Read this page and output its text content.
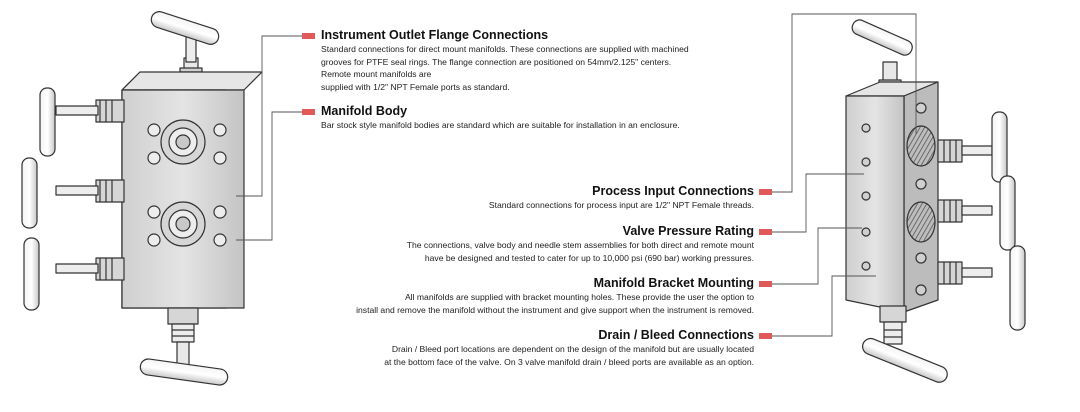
Instrument Outlet Flange Connections
Standard connections for direct mount manifolds. These connections are supplied with machined
grooves for PTFE seal rings. The flange connection are positioned on 54mm/2.125" centers.
Remote mount manifolds are
supplied with 1/2" NPT Female ports as standard.
Manifold Body
Bar stock style manifold bodies are standard which are suitable for installation in an enclosure.
Process Input Connections
Standard connections for process input are 1/2" NPT Female threads.
Valve Pressure Rating
The connections, valve body and needle stem assemblies for both direct and remote mount
have be designed and tested to cater for up to 10,000 psi (690 bar) working pressures.
Manifold Bracket Mounting
All manifolds are supplied with bracket mounting holes. These provide the user the option to
install and remove the manifold without the instrument and give support when the instrument is removed.
Drain / Bleed Connections
Drain / Bleed port locations are dependent on the design of the manifold but are usually located
at the bottom face of the valve. On 3 valve manifold drain / bleed ports are available as an option.
